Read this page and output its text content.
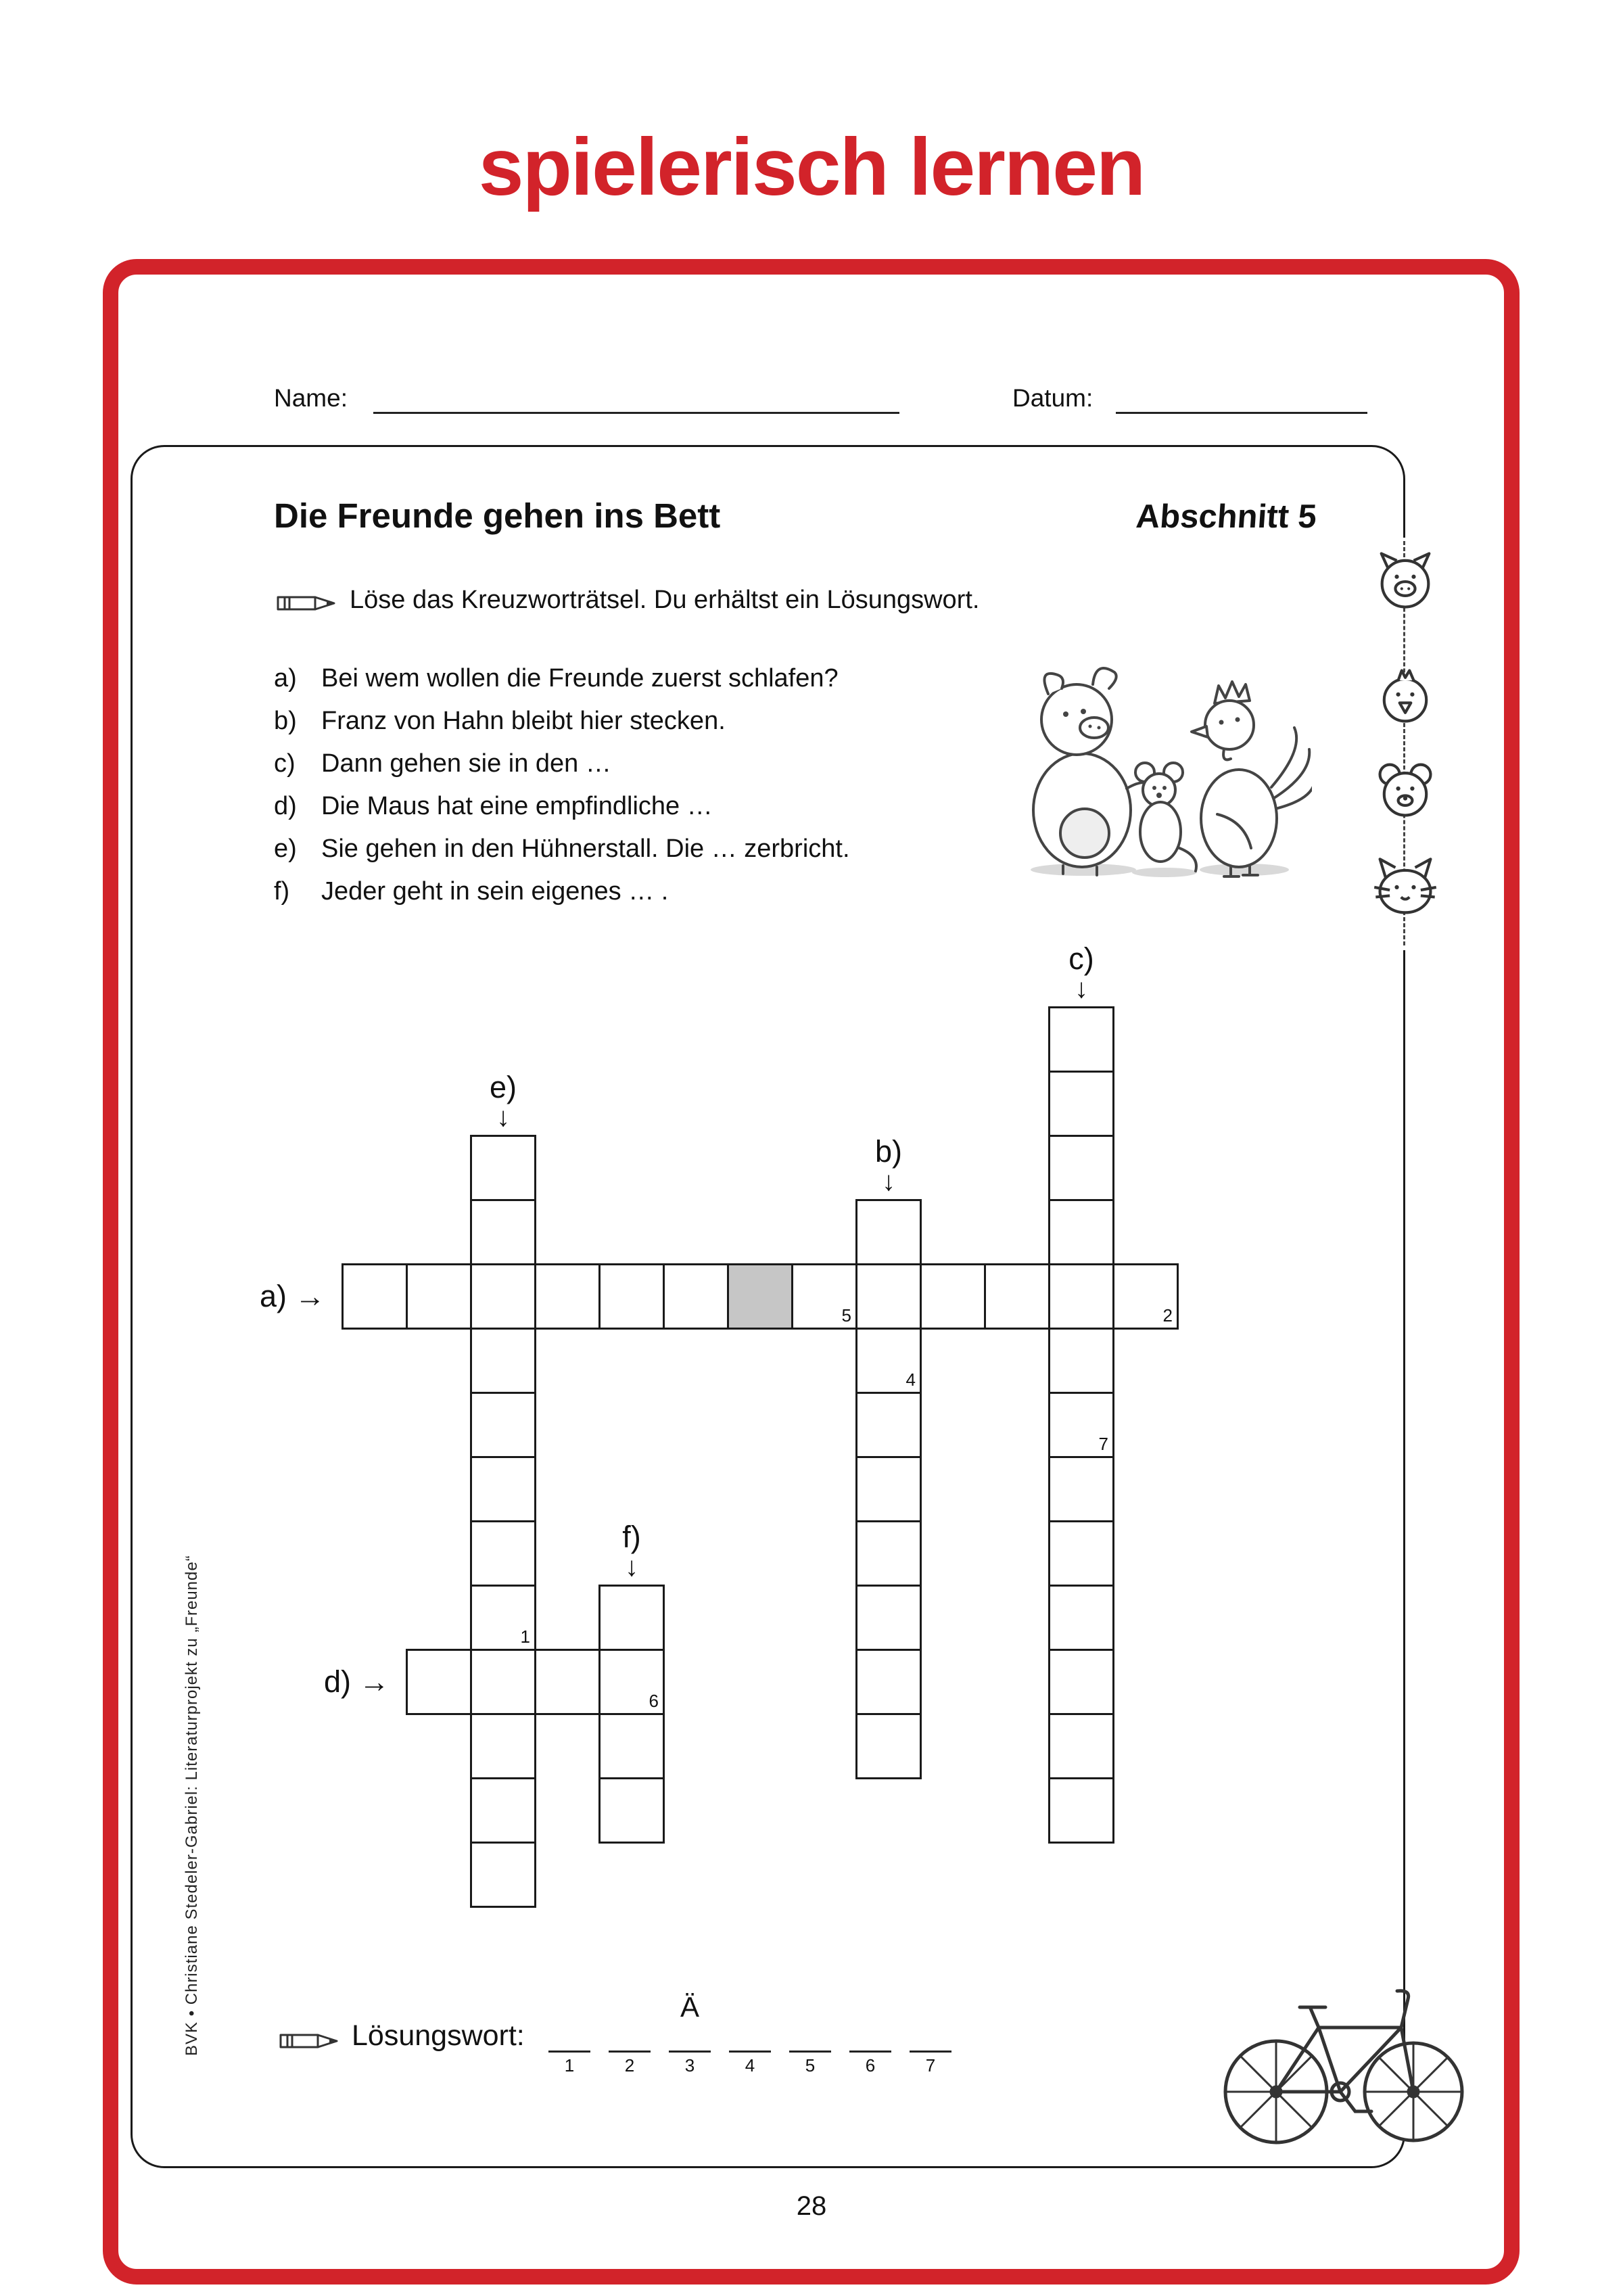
spielerisch lernen
Name:	Datum:
Die Freunde gehen ins Bett	Abschnitt 5
Löse das Kreuzworträtsel. Du erhältst ein Lösungswort.
a) Bei wem wollen die Freunde zuerst schlafen?
b) Franz von Hahn bleibt hier stecken.
c)	Dann gehen sie in den …
d) Die Maus hat eine empfindliche …
e) Sie gehen in den Hühnerstall. Die … zerbricht.
f)	Jeder geht in sein eigenes … .
a) →
b)
↓
c)
↓
d) →
e)
↓
f)
↓
1
2
4
5
6
7
Lösungswort:
Ä
1	2	3	4	5	6	7
28
BVK • Christiane Stedeler-Gabriel: Literaturprojekt zu „Freunde“
